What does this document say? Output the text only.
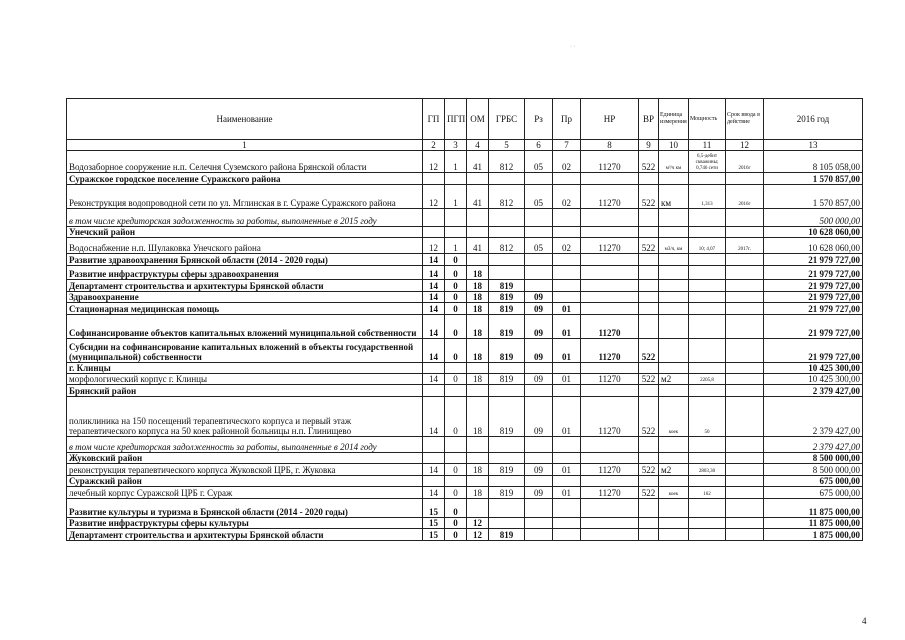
· ·
Наименование	ГП	ПГП	ОМ	ГРБС	Рз	Пр	НР	ВР	Единица измерения	Мощность	Срок ввода в действие	2016 год
1	2	3	4	5	6	7	8	9	10	11	12	13
Водозаборное сооружение н.п. Селечня Суземского района Брянской области	12	1	41	812	05	02	11270	522	м³/ч км	6,5-дебит скважины; 0,746 сети	2016г	8 105 058,00
Суражское городское поселение Суражского района												1 570 857,00
Реконструкция водопроводной сети по ул. Мглинская в г. Сураже Суражского района	12	1	41	812	05	02	11270	522	км	1,313	2016г	1 570 857,00
в том числе кредиторская задолженность за работы, выполненные в 2015 году												500 000,00
Унечский район												10 628 060,00
Водоснабжение н.п. Шулаковка Унечского района	12	1	41	812	05	02	11270	522	м3/ч, км	10; 4,07	2017г.	10 628 060,00
Развитие здравоохранения Брянской области (2014 - 2020 годы)	14	0										21 979 727,00
Развитие инфраструктуры сферы здравоохранения	14	0	18									21 979 727,00
Департамент строительства и архитектуры Брянской области	14	0	18	819								21 979 727,00
Здравоохранение	14	0	18	819	09							21 979 727,00
Стационарная медицинская помощь	14	0	18	819	09	01						21 979 727,00
Софинансирование объектов капитальных вложений муниципальной собственности	14	0	18	819	09	01	11270					21 979 727,00
Субсидии на софинансирование капитальных вложений в объекты государственной (муниципальной) собственности	14	0	18	819	09	01	11270	522				21 979 727,00
г. Клинцы												10 425 300,00
морфологический корпус г. Клинцы	14	0	18	819	09	01	11270	522	м2	2205,8		10 425 300,00
Брянский район												2 379 427,00
поликлиника на 150 посещений терапевтического корпуса и первый этаж терапевтического корпуса на 50 коек районной больницы н.п. Глинищево	14	0	18	819	09	01	11270	522	коек	50		2 379 427,00
в том числе кредиторская задолженность за работы, выполненные в 2014 году												2 379 427,00
Жуковский район												8 500 000,00
реконструкция терапевтического корпуса Жуковской ЦРБ, г. Жуковка	14	0	18	819	09	01	11270	522	м2	2803,30		8 500 000,00
Суражский район												675 000,00
лечебный корпус Суражской ЦРБ г. Сураж	14	0	18	819	09	01	11270	522	коек	162		675 000,00
Развитие культуры и туризма в Брянской области (2014 - 2020 годы)	15	0										11 875 000,00
Развитие инфраструктуры сферы культуры	15	0	12									11 875 000,00
Департамент строительства и архитектуры Брянской области	15	0	12	819								1 875 000,00
4
